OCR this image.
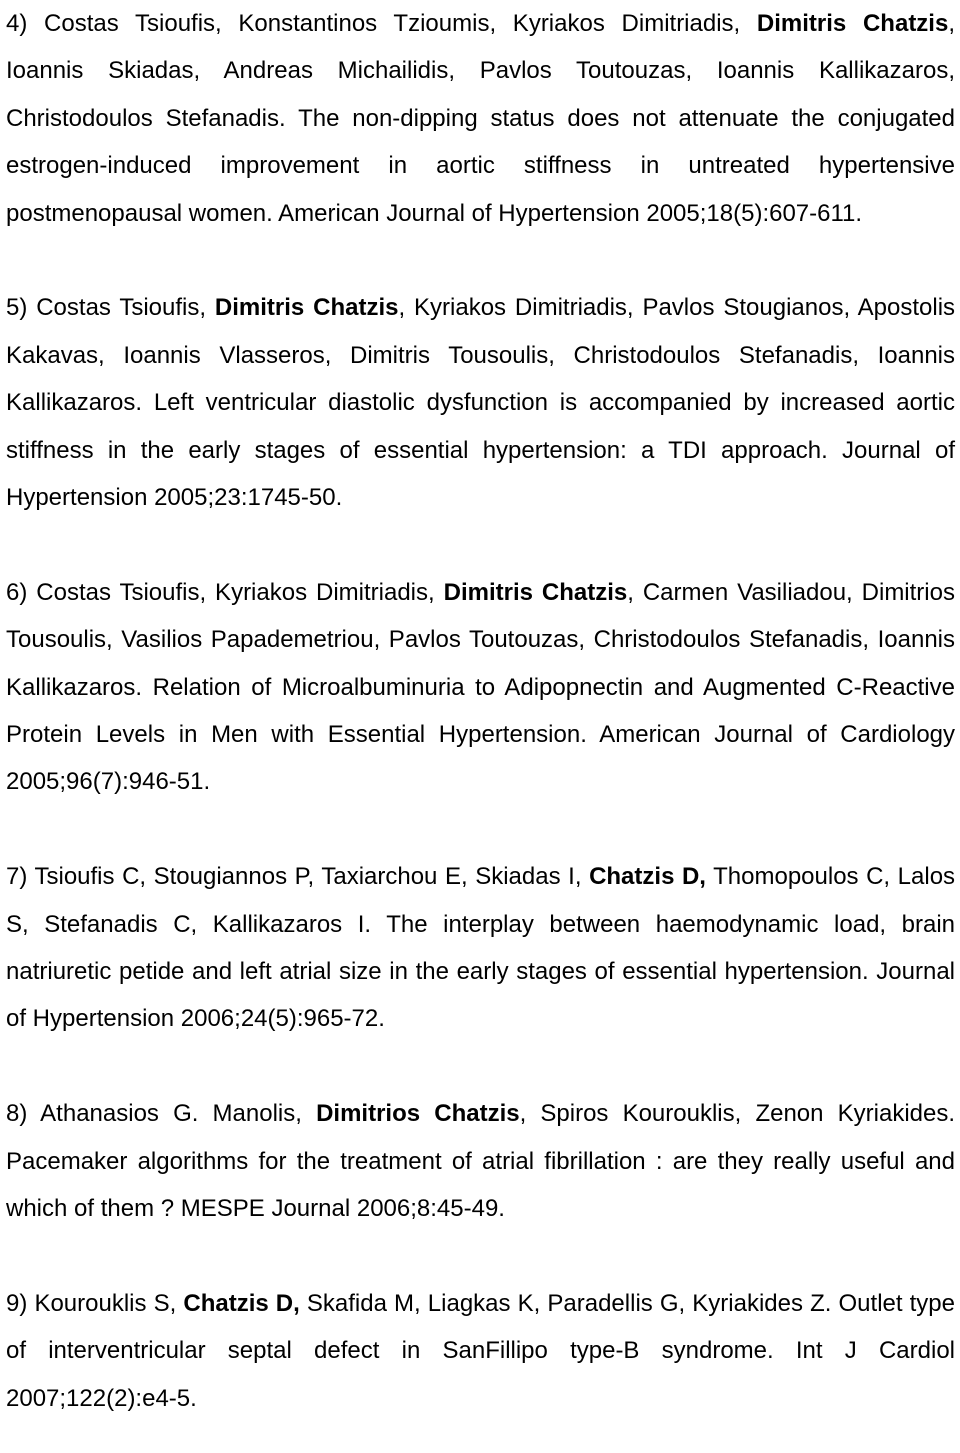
4) Costas Tsioufis, Konstantinos Tzioumis, Kyriakos Dimitriadis, Dimitris Chatzis, Ioannis Skiadas, Andreas Michailidis, Pavlos Toutouzas, Ioannis Kallikazaros, Christodoulos Stefanadis. The non-dipping status does not attenuate the conjugated estrogen-induced improvement in aortic stiffness in untreated hypertensive postmenopausal women. American Journal of Hypertension 2005;18(5):607-611.

5) Costas Tsioufis, Dimitris Chatzis, Kyriakos Dimitriadis, Pavlos Stougianos, Apostolis Kakavas, Ioannis Vlasseros, Dimitris Tousoulis, Christodoulos Stefanadis, Ioannis Kallikazaros. Left ventricular diastolic dysfunction is accompanied by increased aortic stiffness in the early stages of essential hypertension: a TDI approach. Journal of Hypertension 2005;23:1745-50.

6) Costas Tsioufis, Kyriakos Dimitriadis, Dimitris Chatzis, Carmen Vasiliadou, Dimitrios Tousoulis, Vasilios Papademetriou, Pavlos Toutouzas, Christodoulos Stefanadis, Ioannis Kallikazaros. Relation of Microalbuminuria to Adipopnectin and Augmented C-Reactive Protein Levels in Men with Essential Hypertension. American Journal of Cardiology 2005;96(7):946-51.

7) Tsioufis C, Stougiannos P, Taxiarchou E, Skiadas I, Chatzis D, Thomopoulos C, Lalos S, Stefanadis C, Kallikazaros I. The interplay between haemodynamic load, brain natriuretic petide and left atrial size in the early stages of essential hypertension. Journal of Hypertension 2006;24(5):965-72.

8) Athanasios G. Manolis, Dimitrios Chatzis, Spiros Kourouklis, Zenon Kyriakides. Pacemaker algorithms for the treatment of atrial fibrillation : are they really useful and which of them ? MESPE Journal 2006;8:45-49.

9) Kourouklis S, Chatzis D, Skafida M, Liagkas K, Paradellis G, Kyriakides Z. Outlet type of interventricular septal defect in SanFillipo type-B syndrome. Int J Cardiol 2007;122(2):e4-5.
